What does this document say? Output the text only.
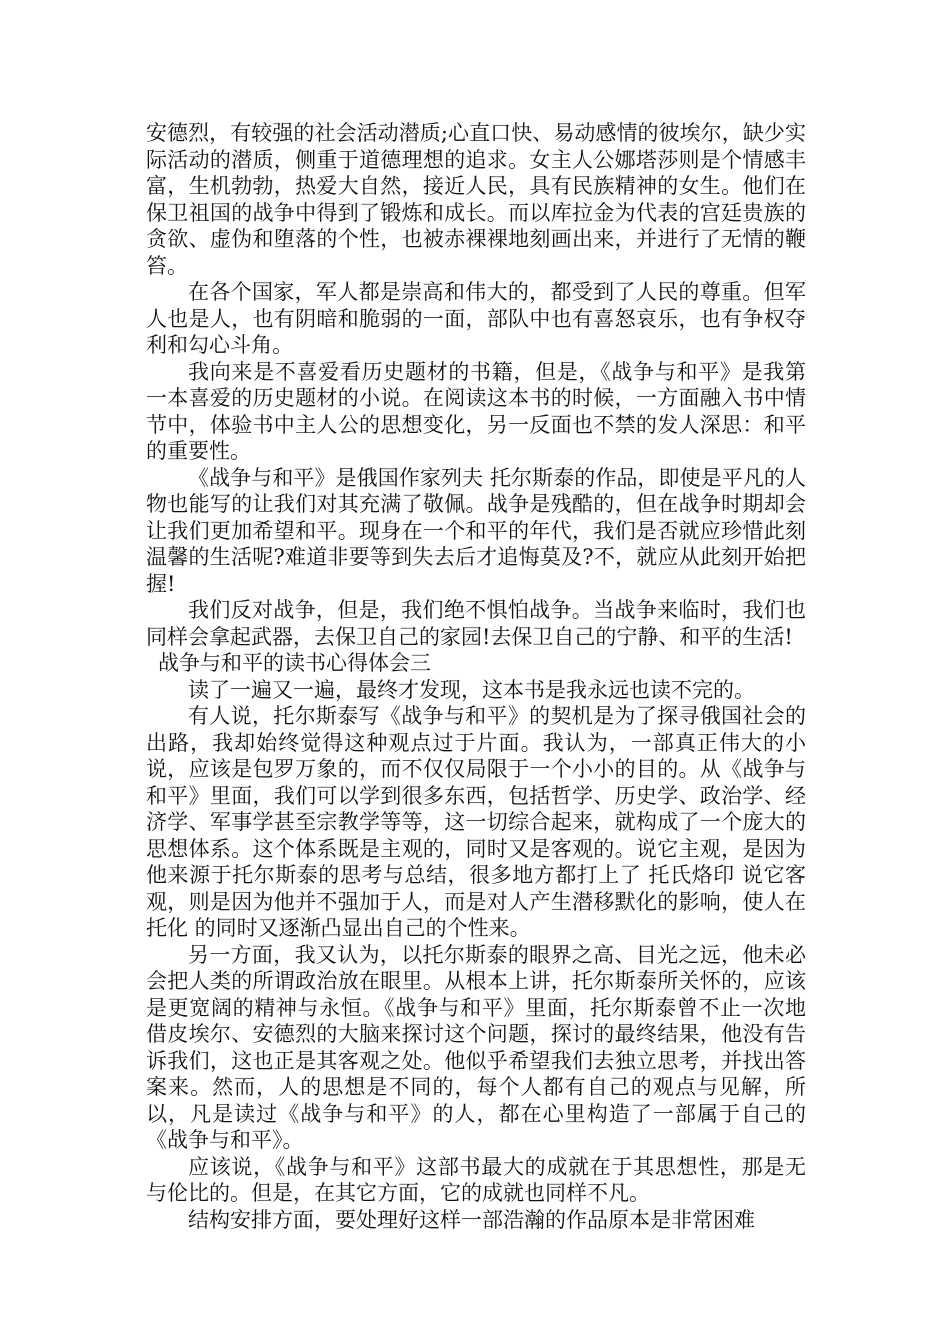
安德烈，有较强的社会活动潜质;心直口快、易动感情的彼埃尔，缺少实际活动的潜质，侧重于道德理想的追求。女主人公娜塔莎则是个情感丰富，生机勃勃，热爱大自然，接近人民，具有民族精神的女生。他们在保卫祖国的战争中得到了锻炼和成长。而以库拉金为代表的宫廷贵族的贪欲、虚伪和堕落的个性，也被赤裸裸地刻画出来，并进行了无情的鞭笞。

在各个国家，军人都是崇高和伟大的，都受到了人民的尊重。但军人也是人，也有阴暗和脆弱的一面，部队中也有喜怒哀乐，也有争权夺利和勾心斗角。

我向来是不喜爱看历史题材的书籍，但是，《战争与和平》是我第一本喜爱的历史题材的小说。在阅读这本书的时候，一方面融入书中情节中，体验书中主人公的思想变化，另一反面也不禁的发人深思：和平的重要性。

《战争与和平》是俄国作家列夫 托尔斯泰的作品，即使是平凡的人物也能写的让我们对其充满了敬佩。战争是残酷的，但在战争时期却会让我们更加希望和平。现身在一个和平的年代，我们是否就应珍惜此刻温馨的生活呢?难道非要等到失去后才追悔莫及?不，就应从此刻开始把握!

我们反对战争，但是，我们绝不惧怕战争。当战争来临时，我们也同样会拿起武器，去保卫自己的家园!去保卫自己的宁静、和平的生活!

战争与和平的读书心得体会三

读了一遍又一遍，最终才发现，这本书是我永远也读不完的。

有人说，托尔斯泰写《战争与和平》的契机是为了探寻俄国社会的出路，我却始终觉得这种观点过于片面。我认为，一部真正伟大的小说，应该是包罗万象的，而不仅仅局限于一个小小的目的。从《战争与和平》里面，我们可以学到很多东西，包括哲学、历史学、政治学、经济学、军事学甚至宗教学等等，这一切综合起来，就构成了一个庞大的思想体系。这个体系既是主观的，同时又是客观的。说它主观，是因为他来源于托尔斯泰的思考与总结，很多地方都打上了 托氏烙印 说它客观，则是因为他并不强加于人，而是对人产生潜移默化的影响，使人在 托化 的同时又逐渐凸显出自己的个性来。

另一方面，我又认为，以托尔斯泰的眼界之高、目光之远，他未必会把人类的所谓政治放在眼里。从根本上讲，托尔斯泰所关怀的，应该是更宽阔的精神与永恒。《战争与和平》里面，托尔斯泰曾不止一次地借皮埃尔、安德烈的大脑来探讨这个问题，探讨的最终结果，他没有告诉我们，这也正是其客观之处。他似乎希望我们去独立思考，并找出答案来。然而，人的思想是不同的，每个人都有自己的观点与见解，所以，凡是读过《战争与和平》的人，都在心里构造了一部属于自己的《战争与和平》。

应该说，《战争与和平》这部书最大的成就在于其思想性，那是无与伦比的。但是，在其它方面，它的成就也同样不凡。

结构安排方面，要处理好这样一部浩瀚的作品原本是非常困难
